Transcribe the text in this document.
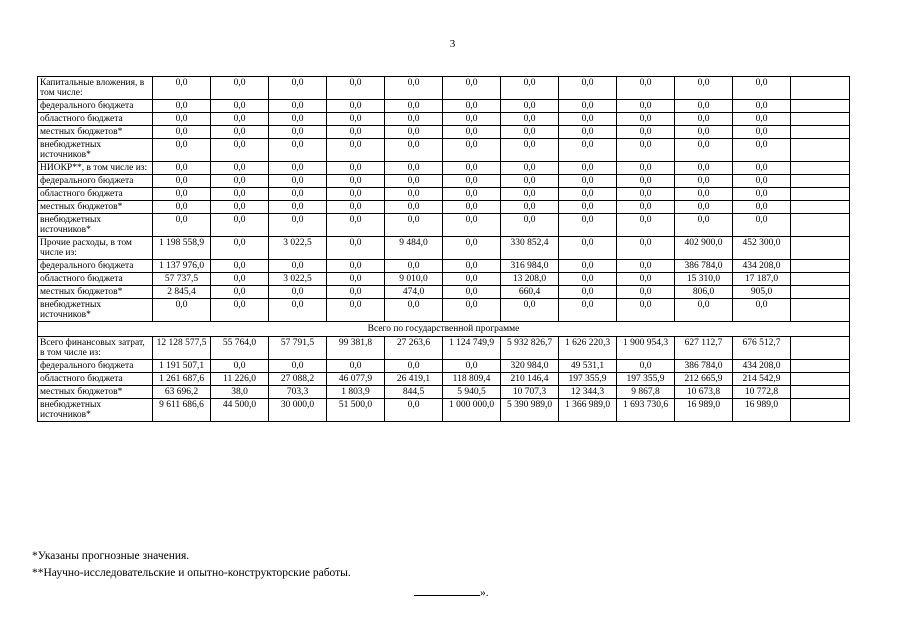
3
Капитальные вложения, в том числе:	0,0	0,0	0,0	0,0	0,0	0,0	0,0	0,0	0,0	0,0	0,0	
федерального бюджета	0,0	0,0	0,0	0,0	0,0	0,0	0,0	0,0	0,0	0,0	0,0	
областного бюджета	0,0	0,0	0,0	0,0	0,0	0,0	0,0	0,0	0,0	0,0	0,0	
местных бюджетов*	0,0	0,0	0,0	0,0	0,0	0,0	0,0	0,0	0,0	0,0	0,0	
внебюджетных источников*	0,0	0,0	0,0	0,0	0,0	0,0	0,0	0,0	0,0	0,0	0,0	
НИОКР**, в том числе из:	0,0	0,0	0,0	0,0	0,0	0,0	0,0	0,0	0,0	0,0	0,0	
федерального бюджета	0,0	0,0	0,0	0,0	0,0	0,0	0,0	0,0	0,0	0,0	0,0	
областного бюджета	0,0	0,0	0,0	0,0	0,0	0,0	0,0	0,0	0,0	0,0	0,0	
местных бюджетов*	0,0	0,0	0,0	0,0	0,0	0,0	0,0	0,0	0,0	0,0	0,0	
внебюджетных источников*	0,0	0,0	0,0	0,0	0,0	0,0	0,0	0,0	0,0	0,0	0,0	
Прочие расходы, в том числе из:	1 198 558,9	0,0	3 022,5	0,0	9 484,0	0,0	330 852,4	0,0	0,0	402 900,0	452 300,0	
федерального бюджета	1 137 976,0	0,0	0,0	0,0	0,0	0,0	316 984,0	0,0	0,0	386 784,0	434 208,0	
областного бюджета	57 737,5	0,0	3 022,5	0,0	9 010,0	0,0	13 208,0	0,0	0,0	15 310,0	17 187,0	
местных бюджетов*	2 845,4	0,0	0,0	0,0	474,0	0,0	660,4	0,0	0,0	806,0	905,0	
внебюджетных источников*	0,0	0,0	0,0	0,0	0,0	0,0	0,0	0,0	0,0	0,0	0,0	
Всего по государственной программе												
Всего финансовых затрат, в том числе из:	12 128 577,5	55 764,0	57 791,5	99 381,8	27 263,6	1 124 749,9	5 932 826,7	1 626 220,3	1 900 954,3	627 112,7	676 512,7	
федерального бюджета	1 191 507,1	0,0	0,0	0,0	0,0	0,0	320 984,0	49 531,1	0,0	386 784,0	434 208,0	
областного бюджета	1 261 687,6	11 226,0	27 088,2	46 077,9	26 419,1	118 809,4	210 146,4	197 355,9	197 355,9	212 665,9	214 542,9	
местных бюджетов*	63 696,2	38,0	703,3	1 803,9	844,5	5 940,5	10 707,3	12 344,3	9 867,8	10 673,8	10 772,8	
внебюджетных источников*	9 611 686,6	44 500,0	30 000,0	51 500,0	0,0	1 000 000,0	5 390 989,0	1 366 989,0	1 693 730,6	16 989,0	16 989,0	
*Указаны прогнозные значения.
**Научно-исследовательские и опытно-конструкторские работы.
».
